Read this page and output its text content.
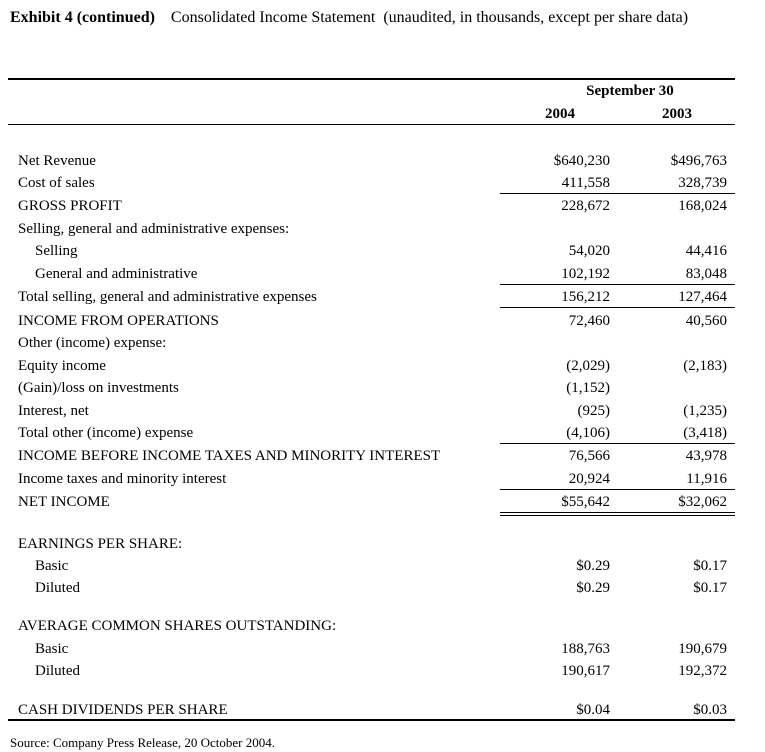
Exhibit 4 (continued) Consolidated Income Statement (unaudited, in thousands, except per share data)
September 30
2004	2003
Net Revenue	$640,230	$496,763
Cost of sales	411,558	328,739
GROSS PROFIT	228,672	168,024
Selling, general and administrative expenses:
Selling	54,020	44,416
General and administrative	102,192	83,048
Total selling, general and administrative expenses	156,212	127,464
INCOME FROM OPERATIONS	72,460	40,560
Other (income) expense:
Equity income	(2,029)	(2,183)
(Gain)/loss on investments	(1,152)
Interest, net	(925)	(1,235)
Total other (income) expense	(4,106)	(3,418)
INCOME BEFORE INCOME TAXES AND MINORITY INTEREST	76,566	43,978
Income taxes and minority interest	20,924	11,916
NET INCOME	$55,642	$32,062
EARNINGS PER SHARE:
Basic	$0.29	$0.17
Diluted	$0.29	$0.17
AVERAGE COMMON SHARES OUTSTANDING:
Basic	188,763	190,679
Diluted	190,617	192,372
CASH DIVIDENDS PER SHARE	$0.04	$0.03
Source: Company Press Release, 20 October 2004.
